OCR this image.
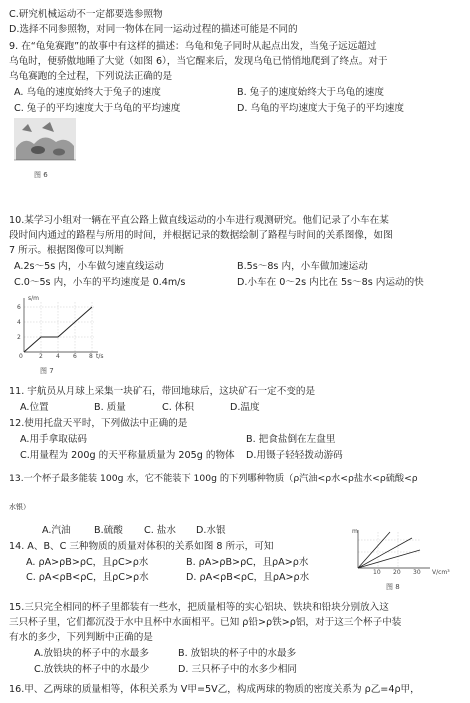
C.研究机械运动不一定都要选参照物
D.选择不同参照物，对同一物体在同一运动过程的描述可能是不同的
9. 在“龟兔赛跑”的故事中有这样的描述：乌龟和兔子同时从起点出发，当兔子远远超过
乌龟时，便骄傲地睡了大觉（如图 6），当它醒来后，发现乌龟已悄悄地爬到了终点。对于
乌龟赛跑的全过程，下列说法正确的是
A. 乌龟的速度始终大于兔子的速度	B. 兔子的速度始终大于乌龟的速度
C. 兔子的平均速度大于乌龟的平均速度	D. 乌龟的平均速度大于兔子的平均速度
图 6
10.某学习小组对一辆在平直公路上做直线运动的小车进行观测研究。他们记录了小车在某
段时间内通过的路程与所用的时间，并根据记录的数据绘制了路程与时间的关系图像，如图
7 所示。根据图像可以判断
A.2s～5s 内，小车做匀速直线运动	B.5s～8s 内，小车做加速运动
C.0～5s 内，小车的平均速度是 0.4m/s	D.小车在 0～2s 内比在 5s～8s 内运动的快
s/m
6
4
2
0	2 4 6 8 t/s
图 7
11. 宇航员从月球上采集一块矿石，带回地球后，这块矿石一定不变的是
A.位置	B. 质量	C. 体积	D.温度
12.使用托盘天平时，下列做法中正确的是
A.用手拿取砝码	B. 把食盐倒在左盘里
C.用量程为 200g 的天平称量质量为 205g 的物体 D.用镊子轻轻拨动游码
13.一个杯子最多能装 100g 水，它不能装下 100g 的下列哪种物质（ρ汽油<ρ水<ρ盐水<ρ硫酸<ρ
水银）
A.汽油 B.硫酸 C. 盐水 D.水银
14. A、B、C 三种物质的质量对体积的关系如图 8 所示，可知
A. ρA>ρB>ρC，且ρC>ρ水	B. ρA>ρB>ρC，且ρA>ρ水
C. ρA<ρB<ρC，且ρC>ρ水	D. ρA<ρB<ρC，且ρA>ρ水
m
10 20 30 V/cm³
图 8
15.三只完全相同的杯子里都装有一些水，把质量相等的实心铝块、铁块和铅块分别放入这
三只杯子里，它们都沉没于水中且杯中水面相平。已知 ρ铅>ρ铁>ρ铝，对于这三个杯子中装
有水的多少，下列判断中正确的是
A.放铅块的杯子中的水最多	B. 放铝块的杯子中的水最多
C.放铁块的杯子中的水最少	D. 三只杯子中的水多少相同
16.甲、乙两球的质量相等，体积关系为 V甲=5V乙，构成两球的物质的密度关系为 ρ乙=4ρ甲，
